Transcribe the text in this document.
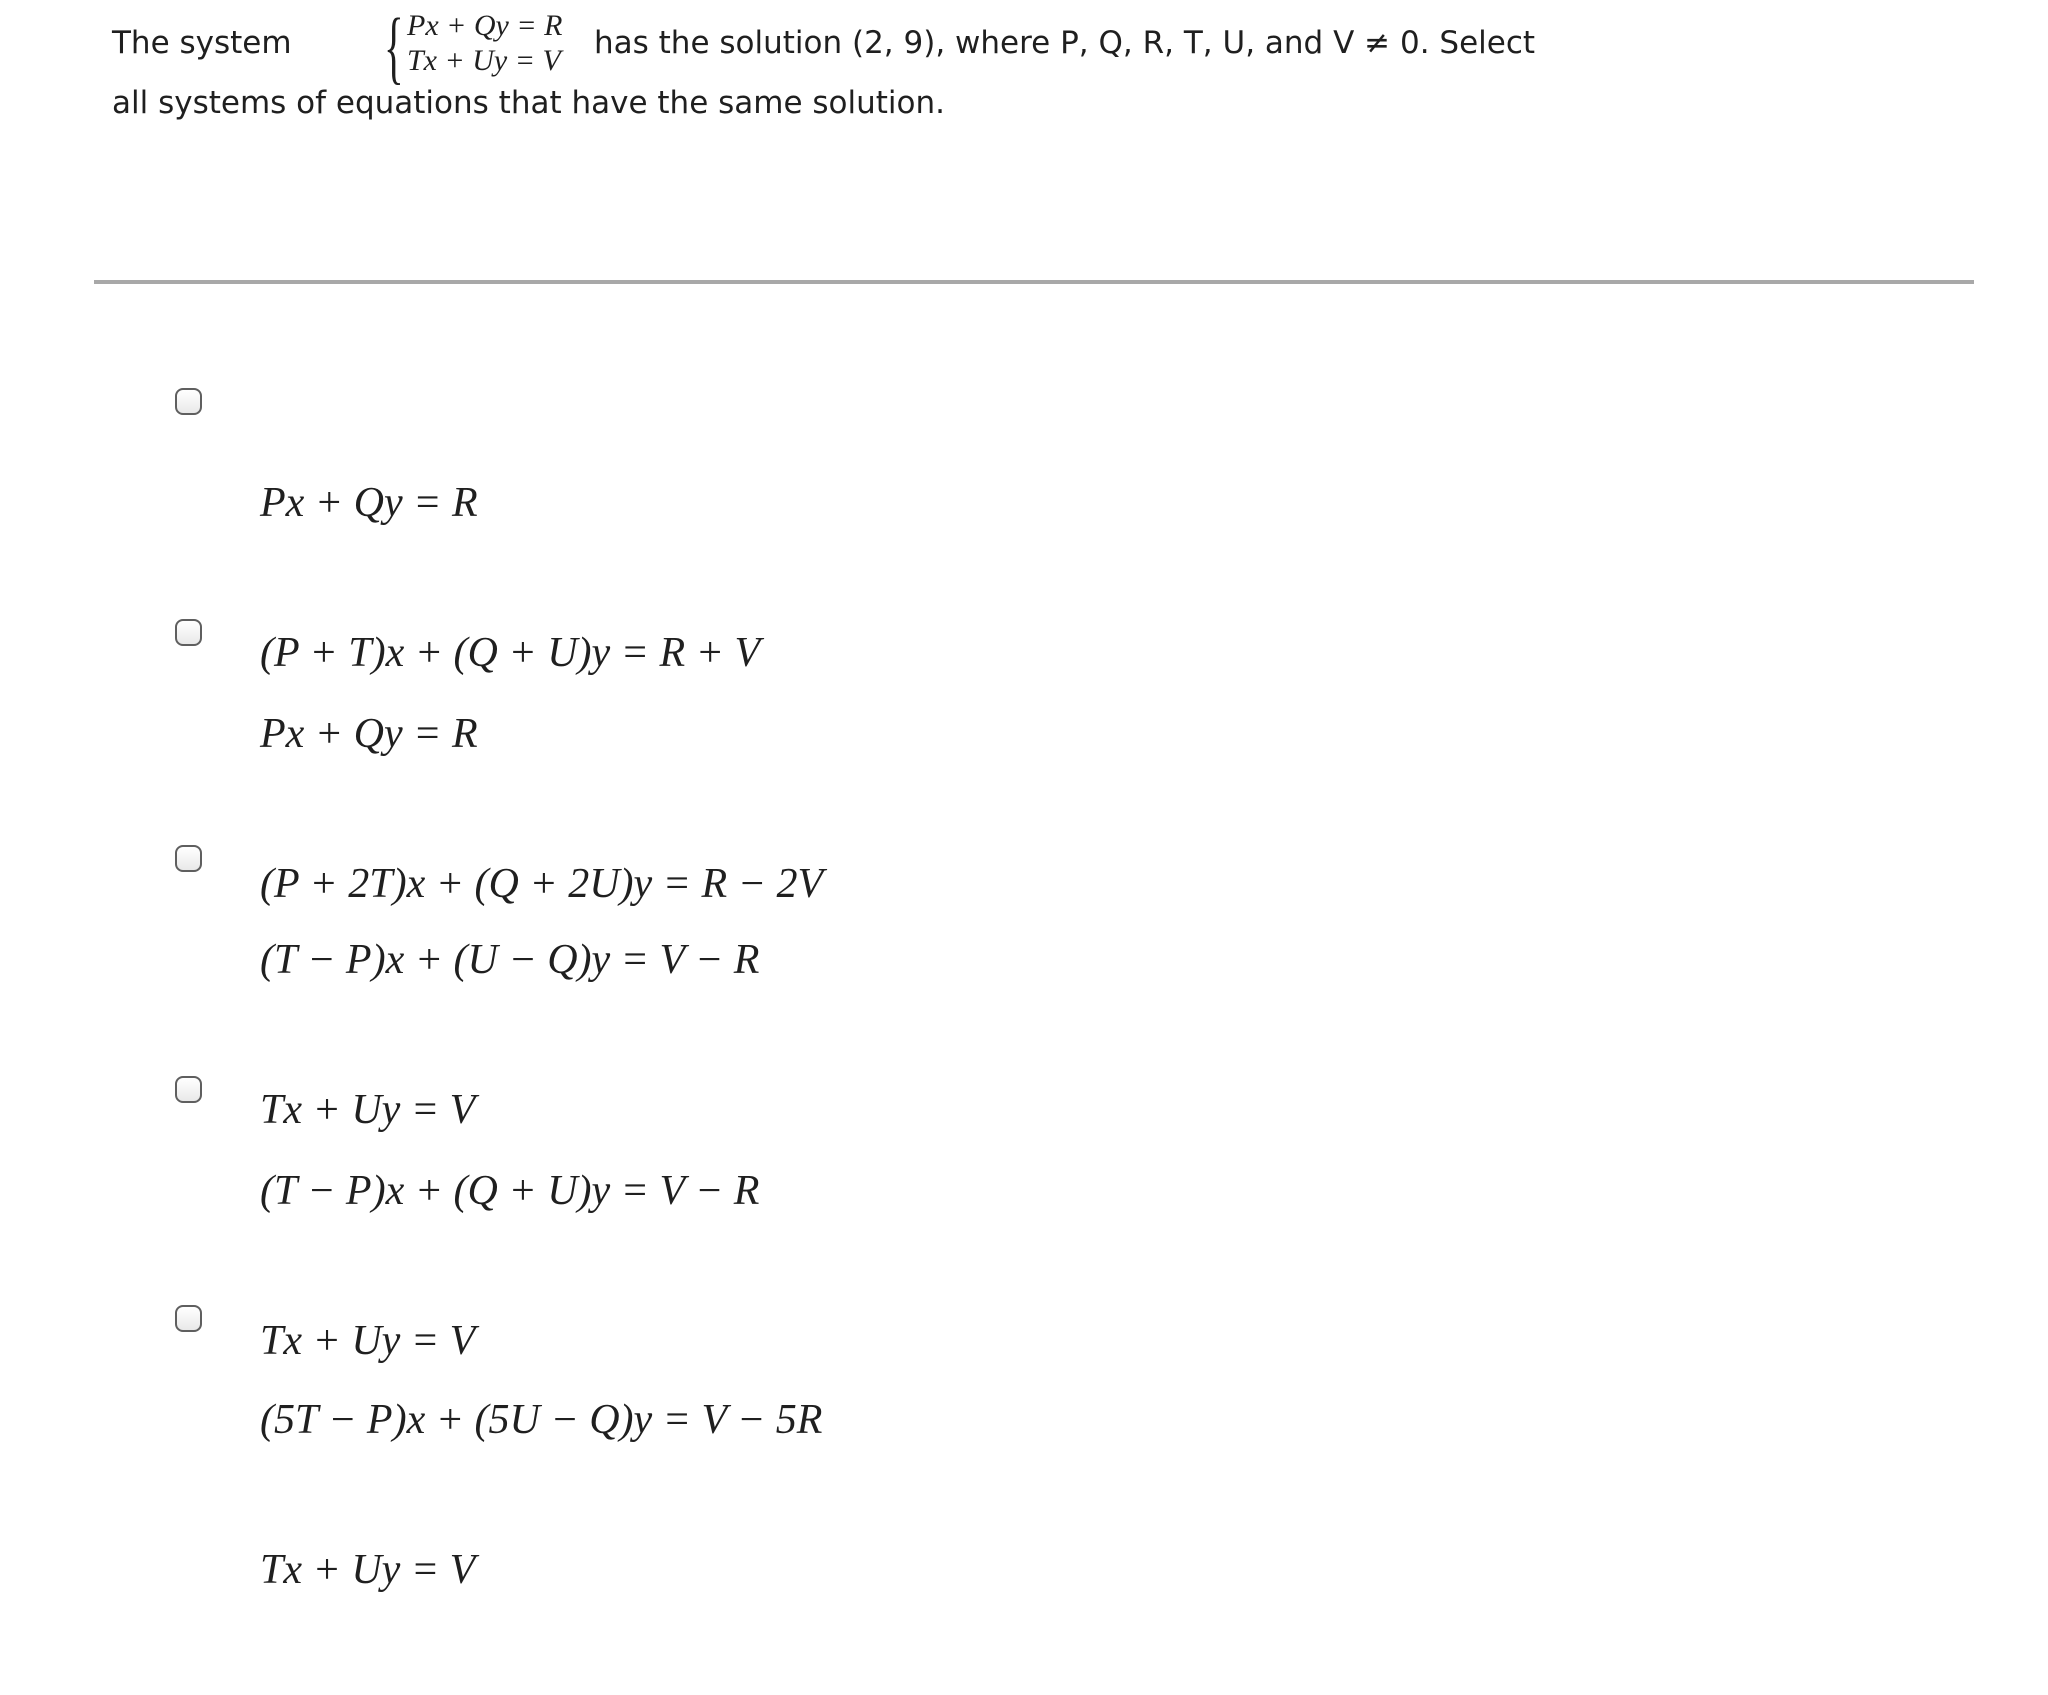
The system { Px + Qy = R
Tx + Uy = V has the solution (2, 9), where P, Q, R, T, U, and V ≠ 0. Select
all systems of equations that have the same solution.

Px + Qy = R

(P + T)x + (Q + U)y = R + V

Px + Qy = R

(P + 2T)x + (Q + 2U)y = R − 2V

(T − P)x + (U − Q)y = V − R

Tx + Uy = V

(T − P)x + (Q + U)y = V − R

Tx + Uy = V

(5T − P)x + (5U − Q)y = V − 5R

Tx + Uy = V
